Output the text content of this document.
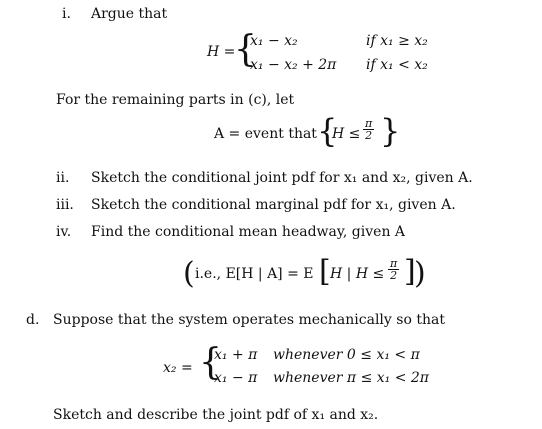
i. Argue that
H =
{
x₁ − x₂
x₁ − x₂ + 2π
if x₁ ≥ x₂
if x₁ < x₂
For the remaining parts in (c), let
A = event that {
$H \le \frac{\pi}{2}$ }
ii. Sketch the conditional joint pdf for x₁ and x₂, given A.
iii. Sketch the conditional marginal pdf for x₁, given A.
iv. Find the conditional mean headway, given A
( i.e., E[H | A] = E [ H | $H \le \frac{\pi}{2}$ ]
)
d. Suppose that the system operates mechanically so that
x₂ = {
x₁ + π
x₁ − π
whenever 0 ≤ x₁ < π
whenever π ≤ x₁ < 2π
Sketch and describe the joint pdf of x₁ and x₂.
